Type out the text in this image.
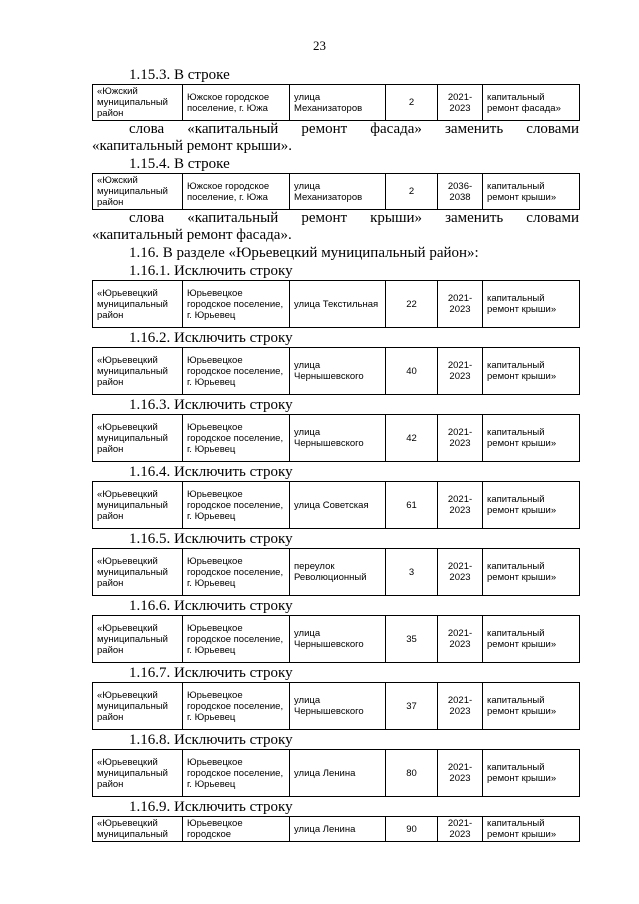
23
1.15.3. В строке
«Южский муниципальный район	Южское городское поселение, г. Южа	улица Механизаторов	2	2021-2023	капитальный ремонт фасада»
слова «капитальный ремонт фасада» заменить словами
«капитальный ремонт крыши».
1.15.4. В строке
«Южский муниципальный район	Южское городское поселение, г. Южа	улица Механизаторов	2	2036-2038	капитальный ремонт крыши»
слова «капитальный ремонт крыши» заменить словами
«капитальный ремонт фасада».
1.16. В разделе «Юрьевецкий муниципальный район»:
1.16.1. Исключить строку
«Юрьевецкий муниципальный район	Юрьевецкое городское поселение, г. Юрьевец	улица Текстильная	22	2021-2023	капитальный ремонт крыши»
1.16.2. Исключить строку
«Юрьевецкий муниципальный район	Юрьевецкое городское поселение, г. Юрьевец	улица Чернышевского	40	2021-2023	капитальный ремонт крыши»
1.16.3. Исключить строку
«Юрьевецкий муниципальный район	Юрьевецкое городское поселение, г. Юрьевец	улица Чернышевского	42	2021-2023	капитальный ремонт крыши»
1.16.4. Исключить строку
«Юрьевецкий муниципальный район	Юрьевецкое городское поселение, г. Юрьевец	улица Советская	61	2021-2023	капитальный ремонт крыши»
1.16.5. Исключить строку
«Юрьевецкий муниципальный район	Юрьевецкое городское поселение, г. Юрьевец	переулок Революционный	3	2021-2023	капитальный ремонт крыши»
1.16.6. Исключить строку
«Юрьевецкий муниципальный район	Юрьевецкое городское поселение, г. Юрьевец	улица Чернышевского	35	2021-2023	капитальный ремонт крыши»
1.16.7. Исключить строку
«Юрьевецкий муниципальный район	Юрьевецкое городское поселение, г. Юрьевец	улица Чернышевского	37	2021-2023	капитальный ремонт крыши»
1.16.8. Исключить строку
«Юрьевецкий муниципальный район	Юрьевецкое городское поселение, г. Юрьевец	улица Ленина	80	2021-2023	капитальный ремонт крыши»
1.16.9. Исключить строку
«Юрьевецкий муниципальный	Юрьевецкое городское	улица Ленина	90	2021-2023	капитальный ремонт крыши»
